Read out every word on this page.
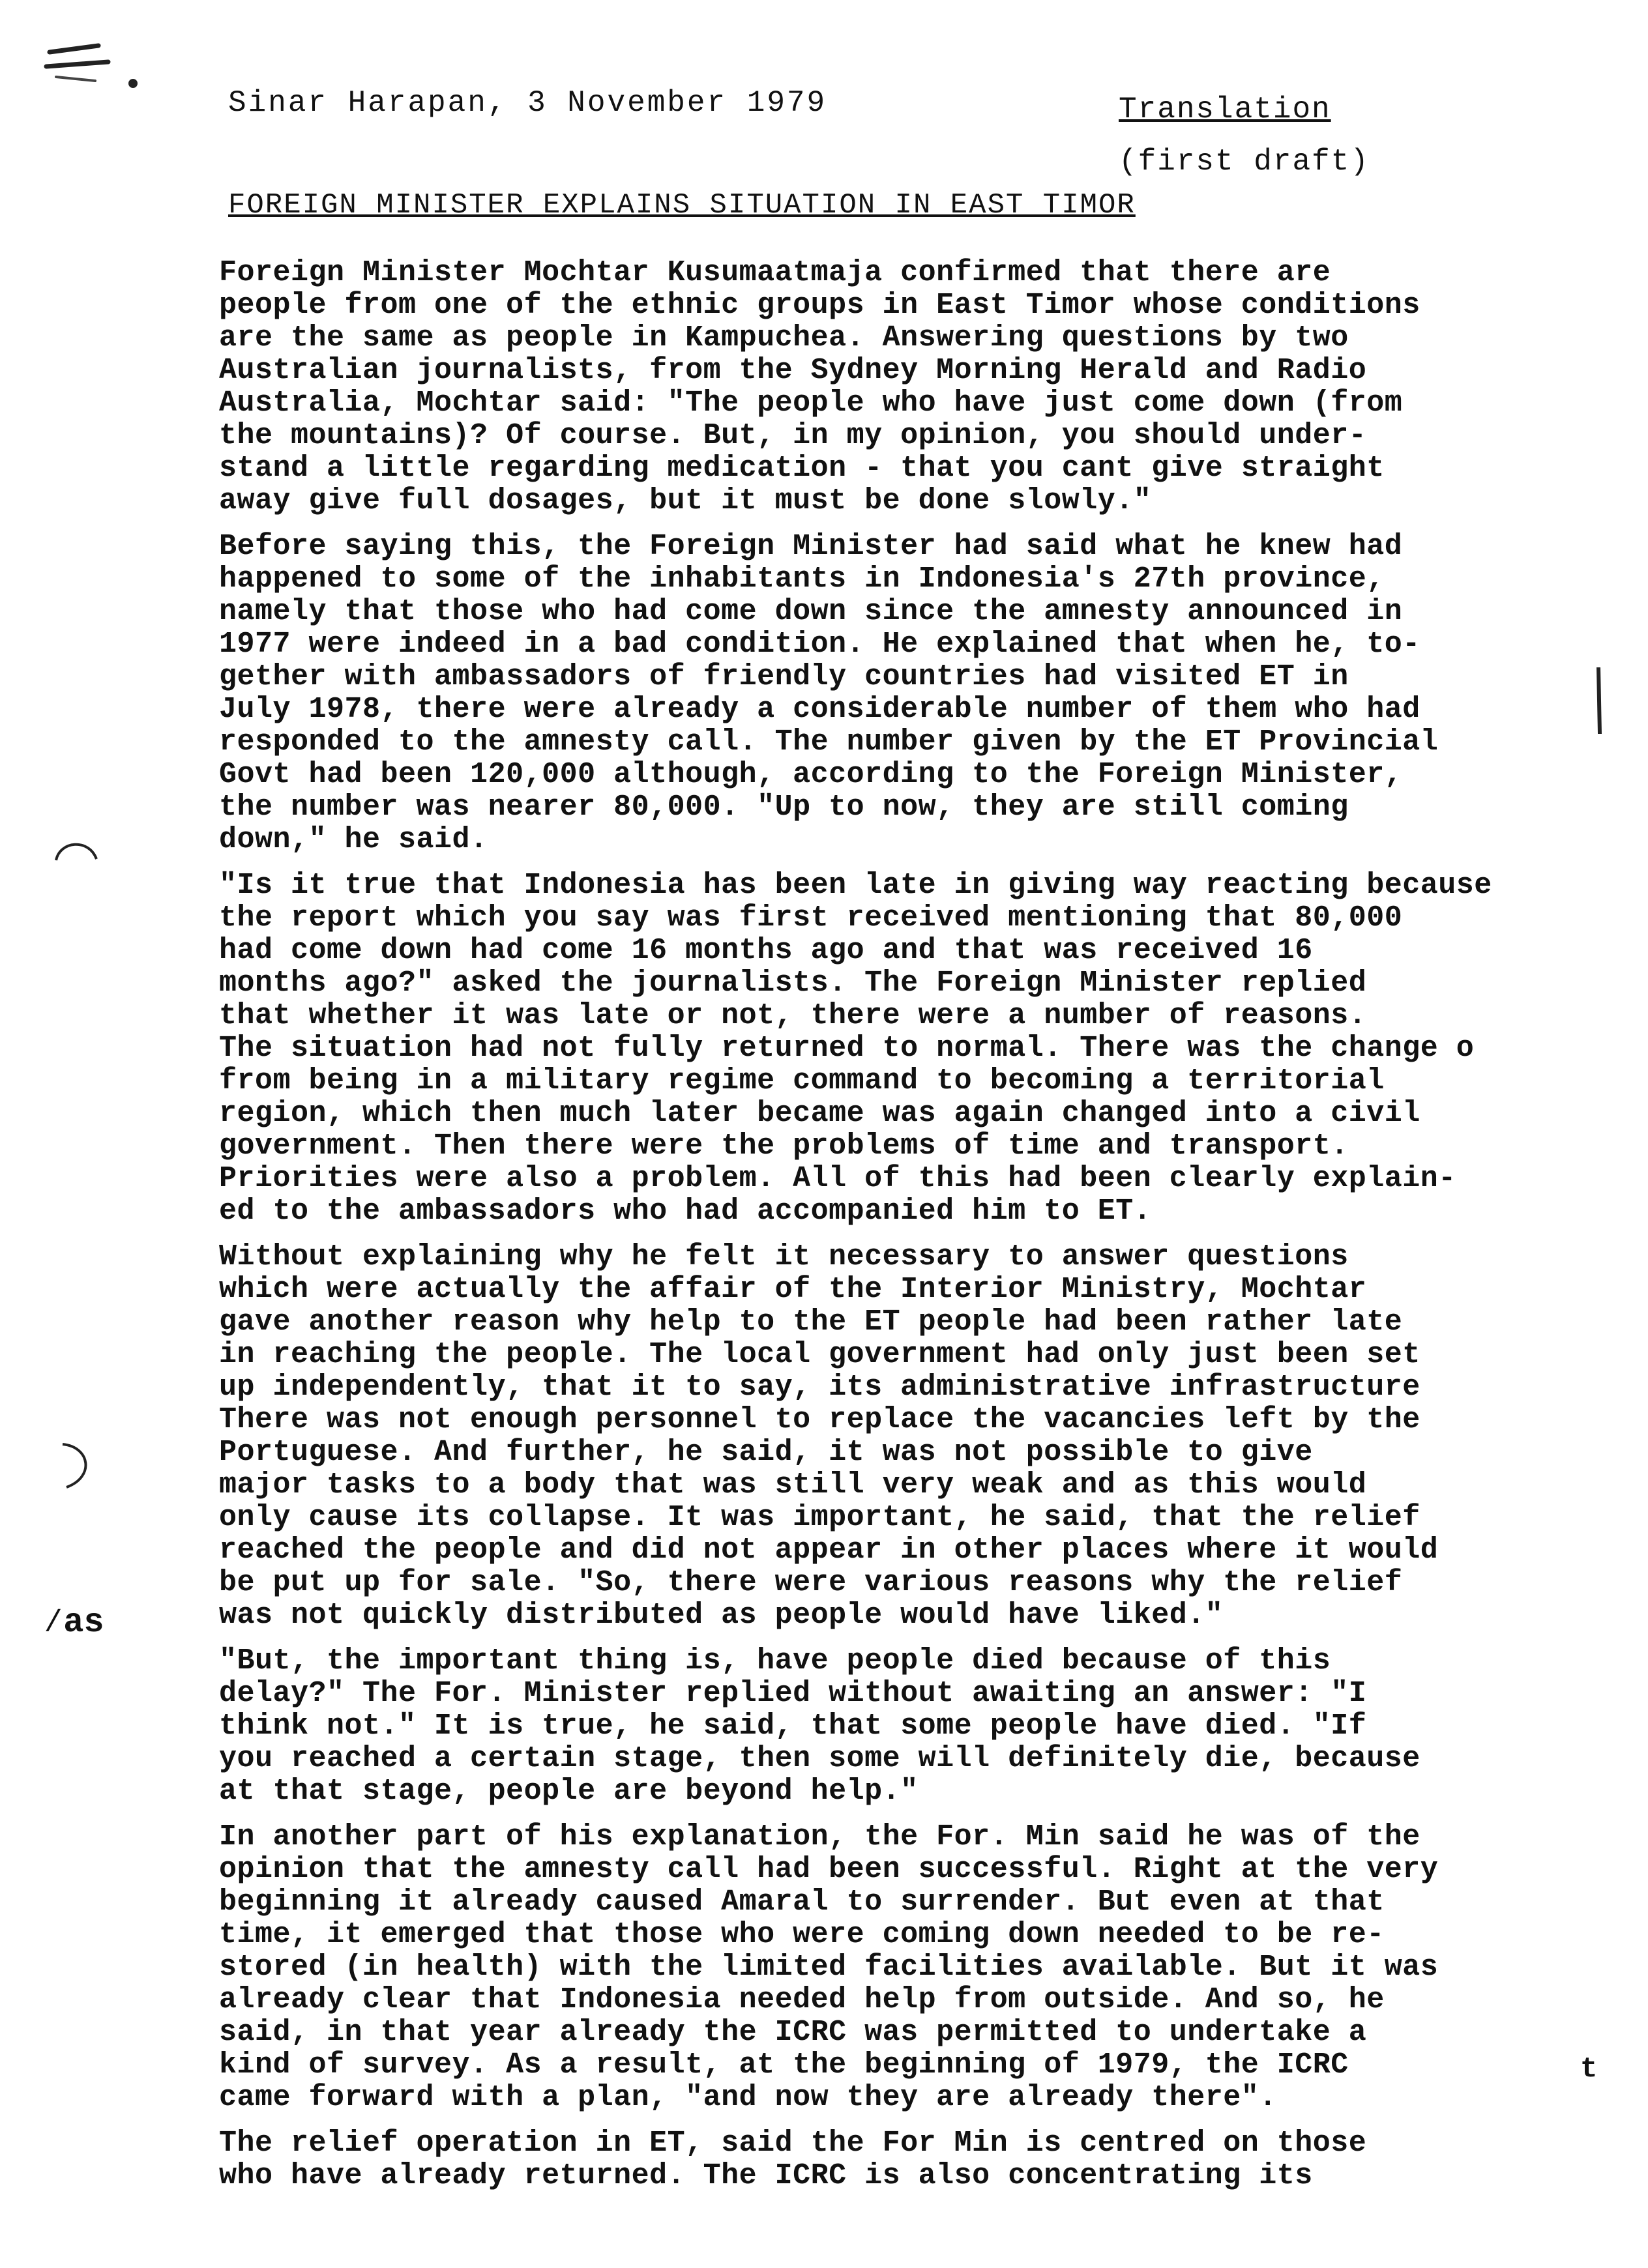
Sinar Harapan, 3 November 1979	Translation
(first draft)
FOREIGN MINISTER EXPLAINS SITUATION IN EAST TIMOR

Foreign Minister Mochtar Kusumaatmaja confirmed that there are
people from one of the ethnic groups in East Timor whose conditions
are the same as people in Kampuchea. Answering questions by two
Australian journalists, from the Sydney Morning Herald and Radio
Australia, Mochtar said: "The people who have just come down (from
the mountains)? Of course. But, in my opinion, you should under-
stand a little regarding medication - that you cant give straight
away give full dosages, but it must be done slowly."

Before saying this, the Foreign Minister had said what he knew had
happened to some of the inhabitants in Indonesia's 27th province,
namely that those who had come down since the amnesty announced in
1977 were indeed in a bad condition. He explained that when he, to-
gether with ambassadors of friendly countries had visited ET in
July 1978, there were already a considerable number of them who had
responded to the amnesty call. The number given by the ET Provincial
Govt had been 120,000 although, according to the Foreign Minister,
the number was nearer 80,000. "Up to now, they are still coming
down," he said.

"Is it true that Indonesia has been late in giving way reacting because
the report which you say was first received mentioning that 80,000
had come down had come 16 months ago and that was received 16
months ago?" asked the journalists. The Foreign Minister replied
that whether it was late or not, there were a number of reasons.
The situation had not fully returned to normal. There was the change o
from being in a military regime command to becoming a territorial
region, which then much later became was again changed into a civil
government. Then there were the problems of time and transport.
Priorities were also a problem. All of this had been clearly explain-
ed to the ambassadors who had accompanied him to ET.

Without explaining why he felt it necessary to answer questions
which were actually the affair of the Interior Ministry, Mochtar
gave another reason why help to the ET people had been rather late
in reaching the people. The local government had only just been set
up independently, that it to say, its administrative infrastructure
There was not enough personnel to replace the vacancies left by the
Portuguese. And further, he said, it was not possible to give
major tasks to a body that was still very weak and as this would
only cause its collapse. It was important, he said, that the relief
reached the people and did not appear in other places where it would
be put up for sale. "So, there were various reasons why the relief
was not quickly distributed as people would have liked."

"But, the important thing is, have people died because of this
delay?" The For. Minister replied without awaiting an answer: "I
think not." It is true, he said, that some people have died. "If
you reached a certain stage, then some will definitely die, because
at that stage, people are beyond help."

In another part of his explanation, the For. Min said he was of the
opinion that the amnesty call had been successful. Right at the very
beginning it already caused Amaral to surrender. But even at that
time, it emerged that those who were coming down needed to be re-
stored (in health) with the limited facilities available. But it was
already clear that Indonesia needed help from outside. And so, he
said, in that year already the ICRC was permitted to undertake a
kind of survey. As a result, at the beginning of 1979, the ICRC
came forward with a plan, "and now they are already there".

The relief operation in ET, said the For Min is centred on those
who have already returned. The ICRC is also concentrating its

⁄as
t
